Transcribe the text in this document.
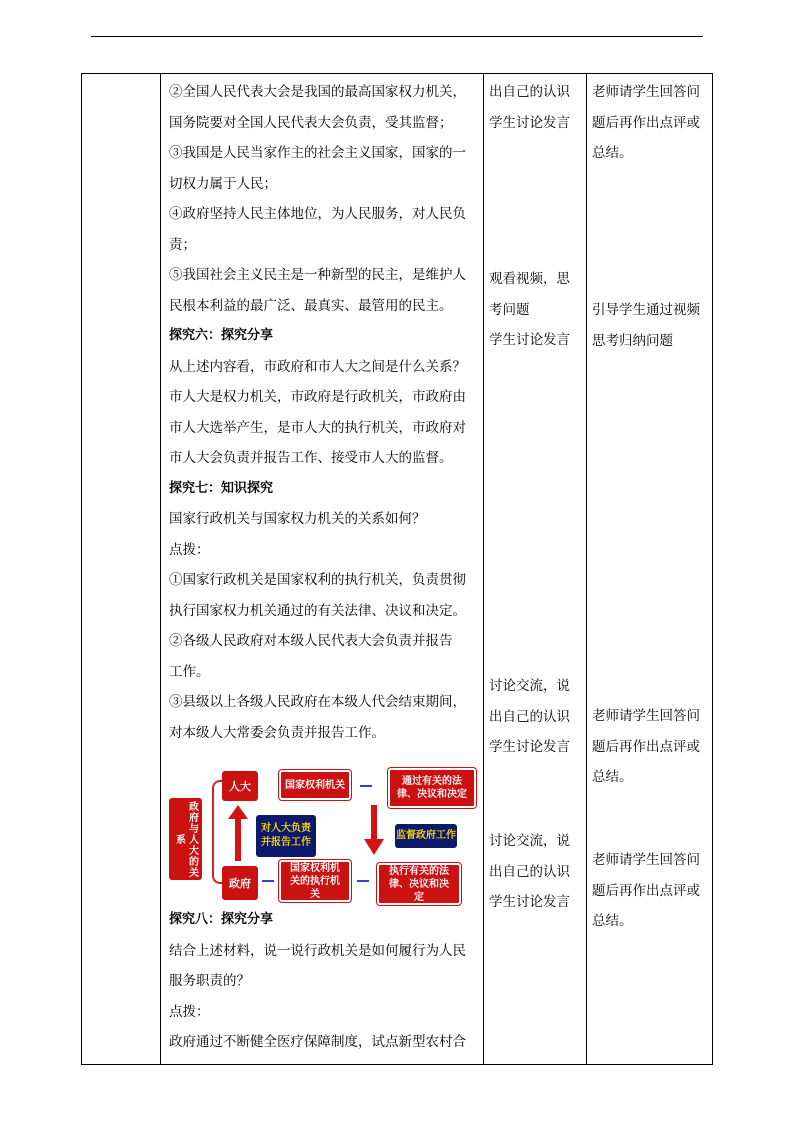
②全国人民代表大会是我国的最高国家权力机关，
国务院要对全国人民代表大会负责，受其监督；
③我国是人民当家作主的社会主义国家，国家的一
切权力属于人民；
④政府坚持人民主体地位，为人民服务，对人民负
责；
⑤我国社会主义民主是一种新型的民主，是维护人
民根本利益的最广泛、最真实、最管用的民主。
探究六：探究分享
从上述内容看，市政府和市人大之间是什么关系？
市人大是权力机关，市政府是行政机关，市政府由
市人大选举产生，是市人大的执行机关，市政府对
市人大会负责并报告工作、接受市人大的监督。
探究七：知识探究
国家行政机关与国家权力机关的关系如何？
点拨：
①国家行政机关是国家权利的执行机关，负责贯彻
执行国家权力机关通过的有关法律、决议和决定。
②各级人民政府对本级人民代表大会负责并报告
工作。
③县级以上各级人民政府在本级人代会结束期间，
对本级人大常委会负责并报告工作。
探究八：探究分享
结合上述材料，说一说行政机关是如何履行为人民
服务职责的？
点拨：
政府通过不断健全医疗保障制度，试点新型农村合
出自己的认识
学生讨论发言
观看视频，思
考问题
学生讨论发言
讨论交流，说
出自己的认识
学生讨论发言
讨论交流，说
出自己的认识
学生讨论发言
老师请学生回答问
题后再作出点评或
总结。
引导学生通过视频
思考归纳问题
老师请学生回答问
题后再作出点评或
总结。
老师请学生回答问
题后再作出点评或
总结。
政府与人大的关系
人大
政府
国家权利机关
国家权利机关的执行机关
通过有关的法律、决议和决定
执行有关的法律、决议和决定
对人大负责并报告工作
监督政府工作
